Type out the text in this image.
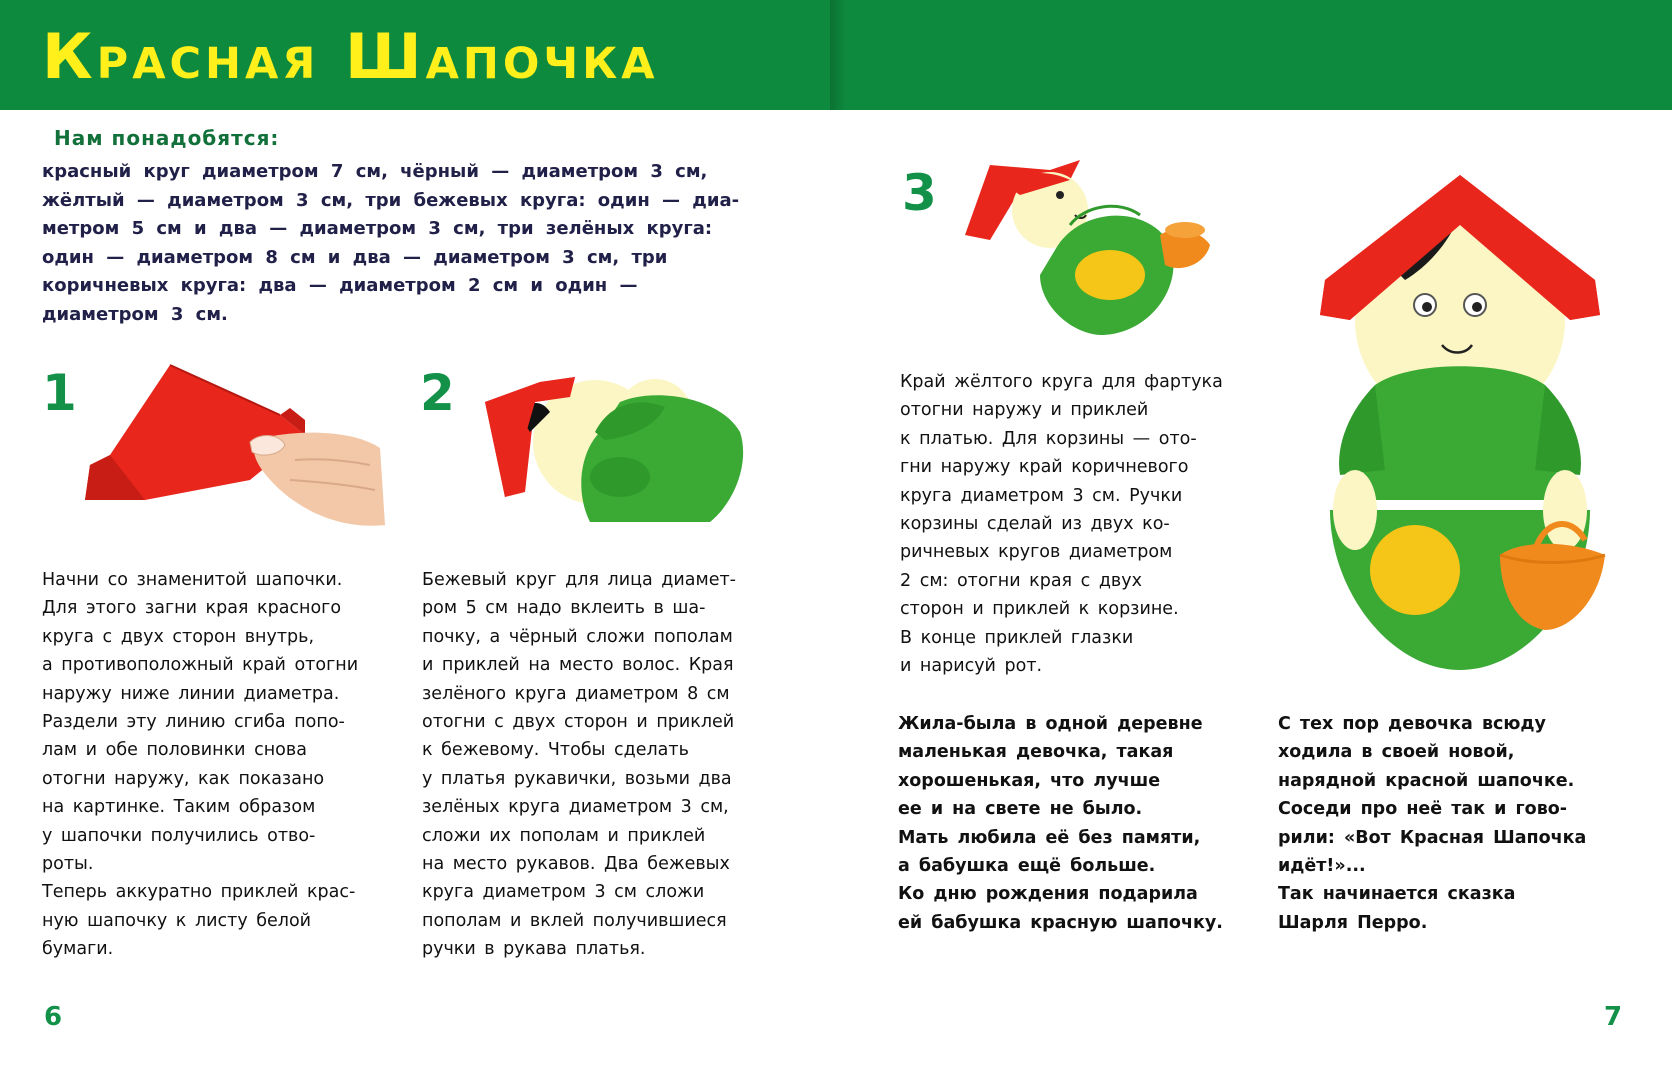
Красная Шапочка
Нам понадобятся:
красный круг диаметром 7 см, чёрный — диаметром 3 см,
жёлтый — диаметром 3 см, три бежевых круга: один — диа-
метром 5 см и два — диаметром 3 см, три зелёных круга:
один — диаметром 8 см и два — диаметром 3 см, три
коричневых круга: два — диаметром 2 см и один —
диаметром 3 см.
1	2
3
Начни со знаменитой шапочки.
Для этого загни края красного
круга с двух сторон внутрь,
а противоположный край отогни
наружу ниже линии диаметра.
Раздели эту линию сгиба попо-
лам и обе половинки снова
отогни наружу, как показано
на картинке. Таким образом
у шапочки получились отво-
роты.
Теперь аккуратно приклей крас-
ную шапочку к листу белой
бумаги.
Бежевый круг для лица диамет-
ром 5 см надо вклеить в ша-
почку, а чёрный сложи пополам
и приклей на место волос. Края
зелёного круга диаметром 8 см
отогни с двух сторон и приклей
к бежевому. Чтобы сделать
у платья рукавички, возьми два
зелёных круга диаметром 3 см,
сложи их пополам и приклей
на место рукавов. Два бежевых
круга диаметром 3 см сложи
пополам и вклей получившиеся
ручки в рукава платья.
Край жёлтого круга для фартука
отогни наружу и приклей
к платью. Для корзины — ото-
гни наружу край коричневого
круга диаметром 3 см. Ручки
корзины сделай из двух ко-
ричневых кругов диаметром
2 см: отогни края с двух
сторон и приклей к корзине.
В конце приклей глазки
и нарисуй рот.
Жила-была в одной деревне
маленькая девочка, такая
хорошенькая, что лучше
ее и на свете не было.
Мать любила её без памяти,
а бабушка ещё больше.
Ко дню рождения подарила
ей бабушка красную шапочку.
С тех пор девочка всюду
ходила в своей новой,
нарядной красной шапочке.
Соседи про неё так и гово-
рили: «Вот Красная Шапочка
идёт!»...
Так начинается сказка
Шарля Перро.
6	7
